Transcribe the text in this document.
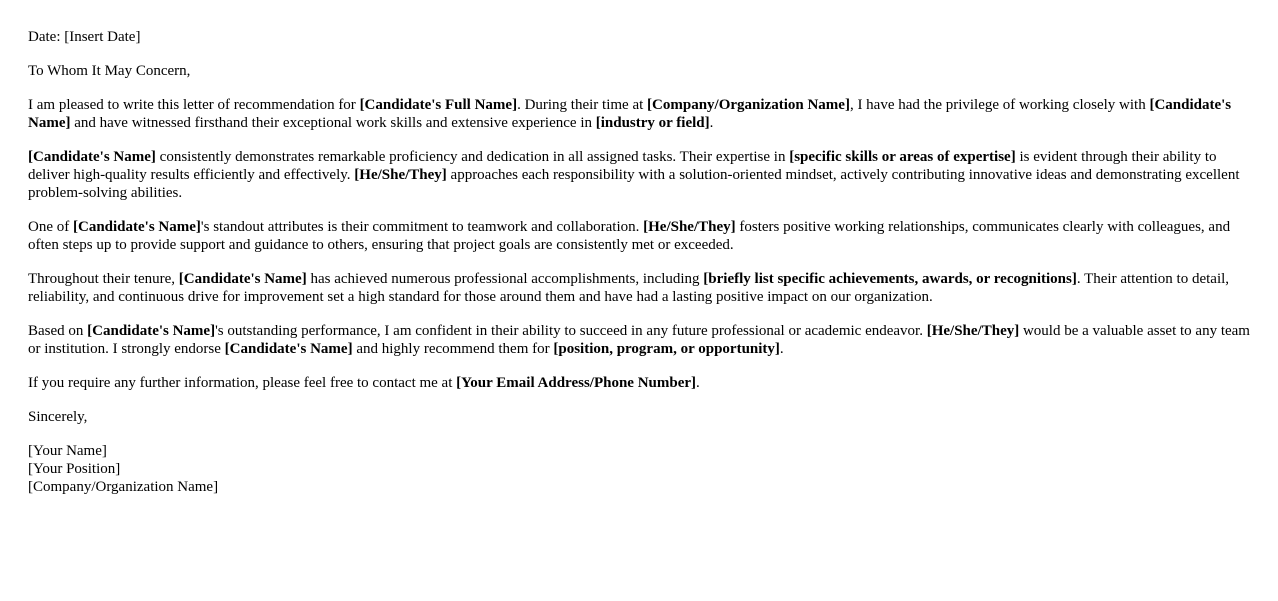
Date: [Insert Date]

To Whom It May Concern,

I am pleased to write this letter of recommendation for [Candidate's Full Name]. During their time at [Company/Organization Name], I have had the privilege of working closely with [Candidate's Name] and have witnessed firsthand their exceptional work skills and extensive experience in [industry or field].

[Candidate's Name] consistently demonstrates remarkable proficiency and dedication in all assigned tasks. Their expertise in [specific skills or areas of expertise] is evident through their ability to deliver high-quality results efficiently and effectively. [He/She/They] approaches each responsibility with a solution-oriented mindset, actively contributing innovative ideas and demonstrating excellent problem-solving abilities.

One of [Candidate's Name]'s standout attributes is their commitment to teamwork and collaboration. [He/She/They] fosters positive working relationships, communicates clearly with colleagues, and often steps up to provide support and guidance to others, ensuring that project goals are consistently met or exceeded.

Throughout their tenure, [Candidate's Name] has achieved numerous professional accomplishments, including [briefly list specific achievements, awards, or recognitions]. Their attention to detail, reliability, and continuous drive for improvement set a high standard for those around them and have had a lasting positive impact on our organization.

Based on [Candidate's Name]'s outstanding performance, I am confident in their ability to succeed in any future professional or academic endeavor. [He/She/They] would be a valuable asset to any team or institution. I strongly endorse [Candidate's Name] and highly recommend them for [position, program, or opportunity].

If you require any further information, please feel free to contact me at [Your Email Address/Phone Number].

Sincerely,

[Your Name]
[Your Position]
[Company/Organization Name]
